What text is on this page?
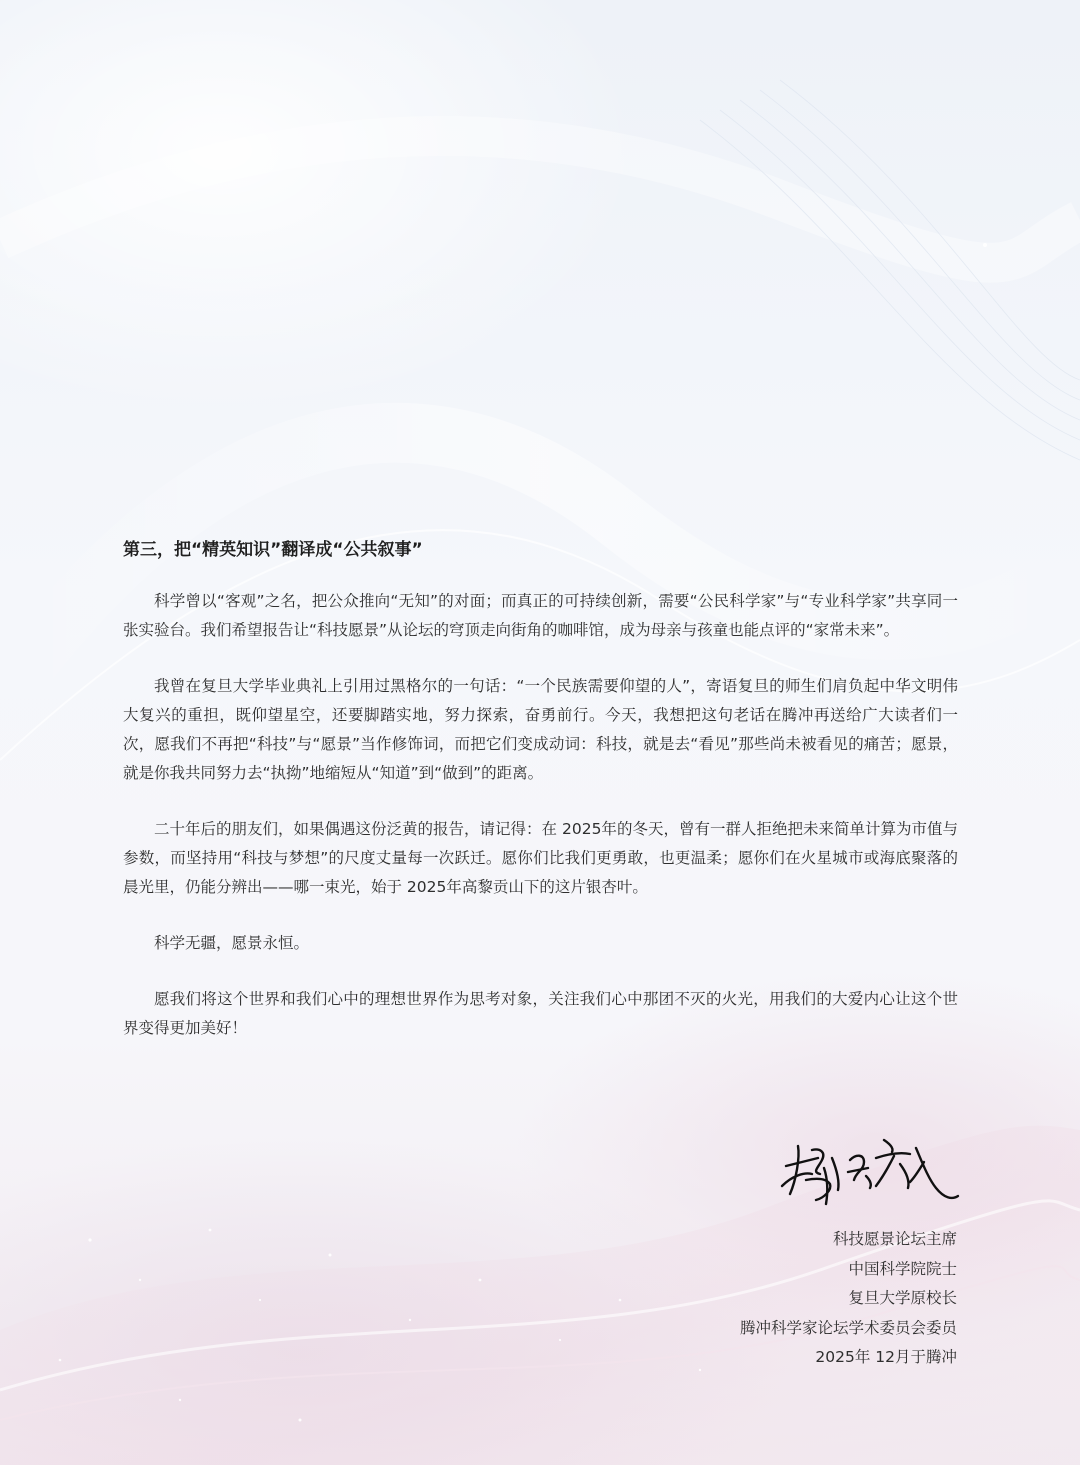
第三，把“精英知识”翻译成“公共叙事”

科学曾以“客观”之名，把公众推向“无知”的对面；而真正的可持续创新，需要“公民科学家”与“专业科学家”共享同一张实验台。我们希望报告让“科技愿景”从论坛的穹顶走向街角的咖啡馆，成为母亲与孩童也能点评的“家常未来”。

我曾在复旦大学毕业典礼上引用过黑格尔的一句话：“一个民族需要仰望的人”，寄语复旦的师生们肩负起中华文明伟大复兴的重担，既仰望星空，还要脚踏实地，努力探索，奋勇前行。今天，我想把这句老话在腾冲再送给广大读者们一次，愿我们不再把“科技”与“愿景”当作修饰词，而把它们变成动词：科技，就是去“看见”那些尚未被看见的痛苦；愿景，就是你我共同努力去“执拗”地缩短从“知道”到“做到”的距离。

二十年后的朋友们，如果偶遇这份泛黄的报告，请记得：在 2025年的冬天，曾有一群人拒绝把未来简单计算为市值与参数，而坚持用“科技与梦想”的尺度丈量每一次跃迁。愿你们比我们更勇敢，也更温柔；愿你们在火星城市或海底聚落的晨光里，仍能分辨出——哪一束光，始于 2025年高黎贡山下的这片银杏叶。

科学无疆，愿景永恒。

愿我们将这个世界和我们心中的理想世界作为思考对象，关注我们心中那团不灭的火光，用我们的大爱内心让这个世界变得更加美好！

科技愿景论坛主席
中国科学院院士
复旦大学原校长
腾冲科学家论坛学术委员会委员
2025年 12月于腾冲
